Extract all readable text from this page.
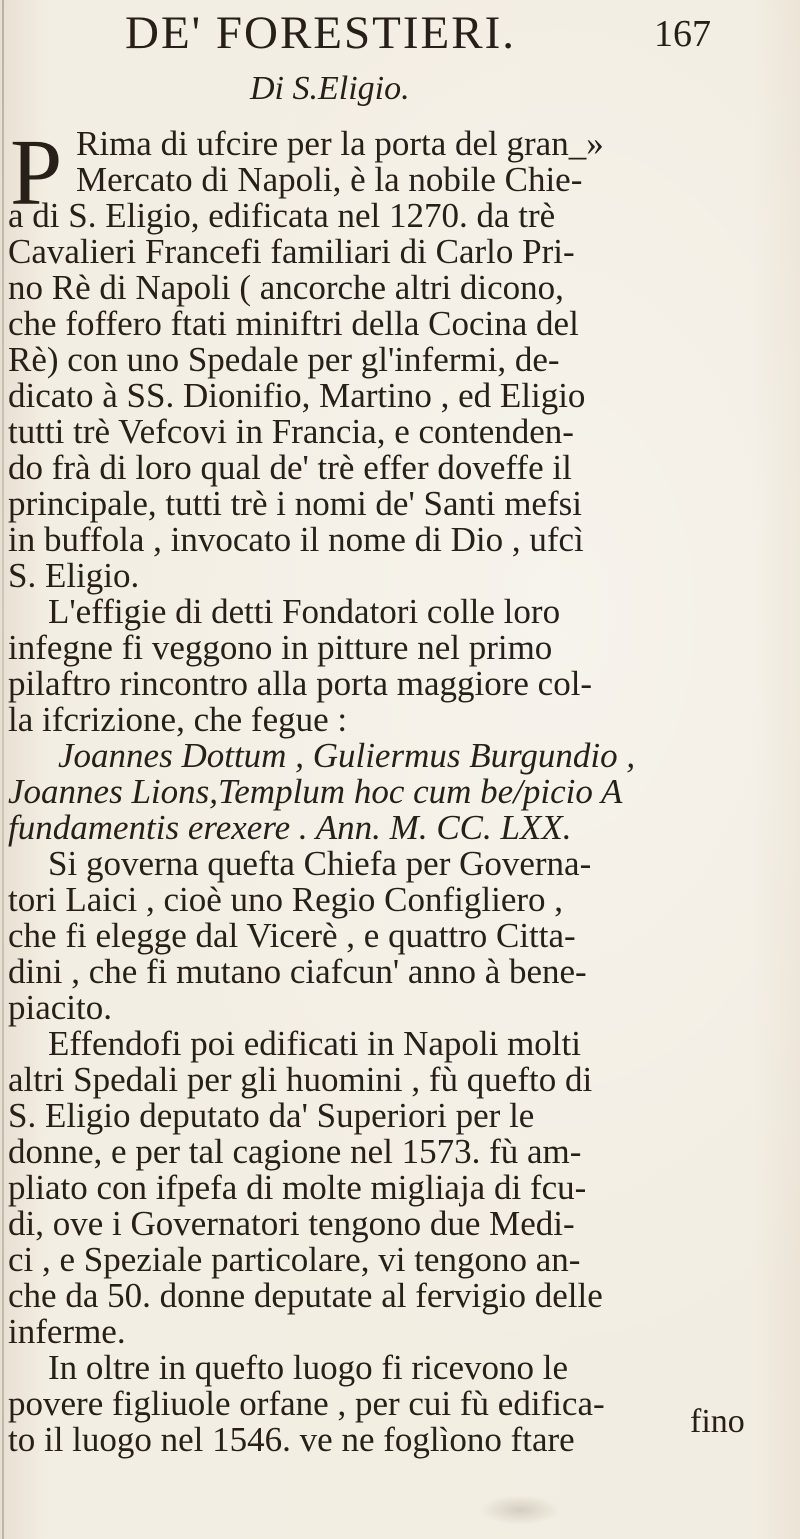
DE' FORESTIERI.	167
Di S.Eligio.
P Rima di ufcire per la porta del gran_»
Mercato di Napoli, è la nobile Chie-
a di S. Eligio, edificata nel 1270. da trè
Cavalieri Francefi familiari di Carlo Pri-
no Rè di Napoli ( ancorche altri dicono,
che foffero ftati miniftri della Cocina del
Rè) con uno Spedale per gl'infermi, de-
dicato à SS. Dionifio, Martino , ed Eligio
tutti trè Vefcovi in Francia, e contenden-
do frà di loro qual de' trè effer doveffe il
principale, tutti trè i nomi de' Santi mefsi
in buffola , invocato il nome di Dio , ufcì
S. Eligio.
L'effigie di detti Fondatori colle loro
infegne fi veggono in pitture nel primo
pilaftro rincontro alla porta maggiore col-
la ifcrizione, che fegue :
Joannes Dottum , Guliermus Burgundio ,
Joannes Lions,Templum hoc cum be/picio A
fundamentis erexere . Ann. M. CC. LXX.
Si governa quefta Chiefa per Governa-
tori Laici , cioè uno Regio Configliero ,
che fi elegge dal Vicerè , e quattro Citta-
dini , che fi mutano ciafcun' anno à bene-
piacito.
Effendofi poi edificati in Napoli molti
altri Spedali per gli huomini , fù quefto di
S. Eligio deputato da' Superiori per le
donne, e per tal cagione nel 1573. fù am-
pliato con ifpefa di molte migliaja di fcu-
di, ove i Governatori tengono due Medi-
ci , e Speziale particolare, vi tengono an-
che da 50. donne deputate al fervigio delle
inferme.
In oltre in quefto luogo fi ricevono le
povere figliuole orfane , per cui fù edifica-
to il luogo nel 1546. ve ne foglìono ftare	fino
